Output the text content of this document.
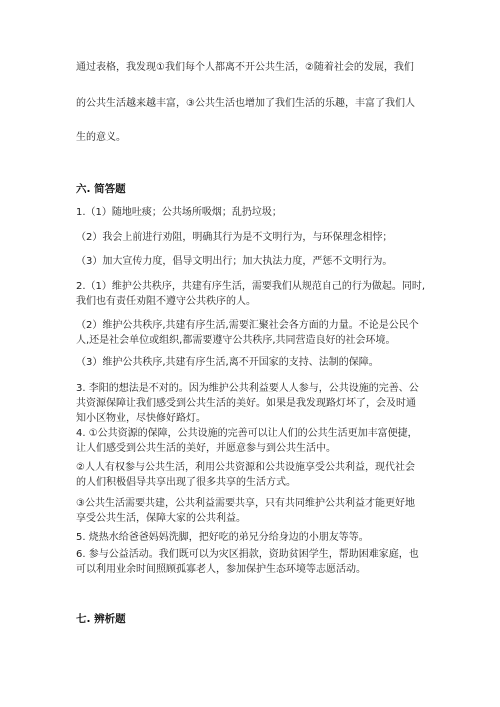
通过表格，我发现①我们每个人都离不开公共生活，②随着社会的发展，我们
的公共生活越来越丰富，③公共生活也增加了我们生活的乐趣，丰富了我们人
生的意义。
六. 简答题
1.（1）随地吐痰；公共场所吸烟；乱扔垃圾；
（2）我会上前进行劝阻，明确其行为是不文明行为，与环保理念相悖；
（3）加大宣传力度，倡导文明出行；加大执法力度，严惩不文明行为。
2.（1）维护公共秩序，共建有序生活，需要我们从规范自己的行为做起。同时,
我们也有责任劝阻不遵守公共秩序的人。
（2）维护公共秩序,共建有序生活,需要汇聚社会各方面的力量。不论是公民个
人,还是社会单位或组织,都需要遵守公共秩序,共同营造良好的社会环境。
（3）维护公共秩序,共建有序生活,离不开国家的支持、法制的保障。
3. 李阳的想法是不对的。因为维护公共利益要人人参与，公共设施的完善、公
共资源保障让我们感受到公共生活的美好。如果是我发现路灯坏了，会及时通
知小区物业，尽快修好路灯。
4. ①公共资源的保障，公共设施的完善可以让人们的公共生活更加丰富便捷，
让人们感受到公共生活的美好，并愿意参与到公共生活中。
②人人有权参与公共生活，利用公共资源和公共设施享受公共利益，现代社会
的人们积极倡导共享出现了很多共享的生活方式。
③公共生活需要共建，公共利益需要共享，只有共同维护公共利益才能更好地
享受公共生活，保障大家的公共利益。
5. 烧热水给爸爸妈妈洗脚，把好吃的弟兄分给身边的小朋友等等。
6. 参与公益活动。我们既可以为灾区捐款，资助贫困学生，帮助困难家庭，也
可以利用业余时间照顾孤寡老人，参加保护生态环境等志愿活动。
七. 辨析题
